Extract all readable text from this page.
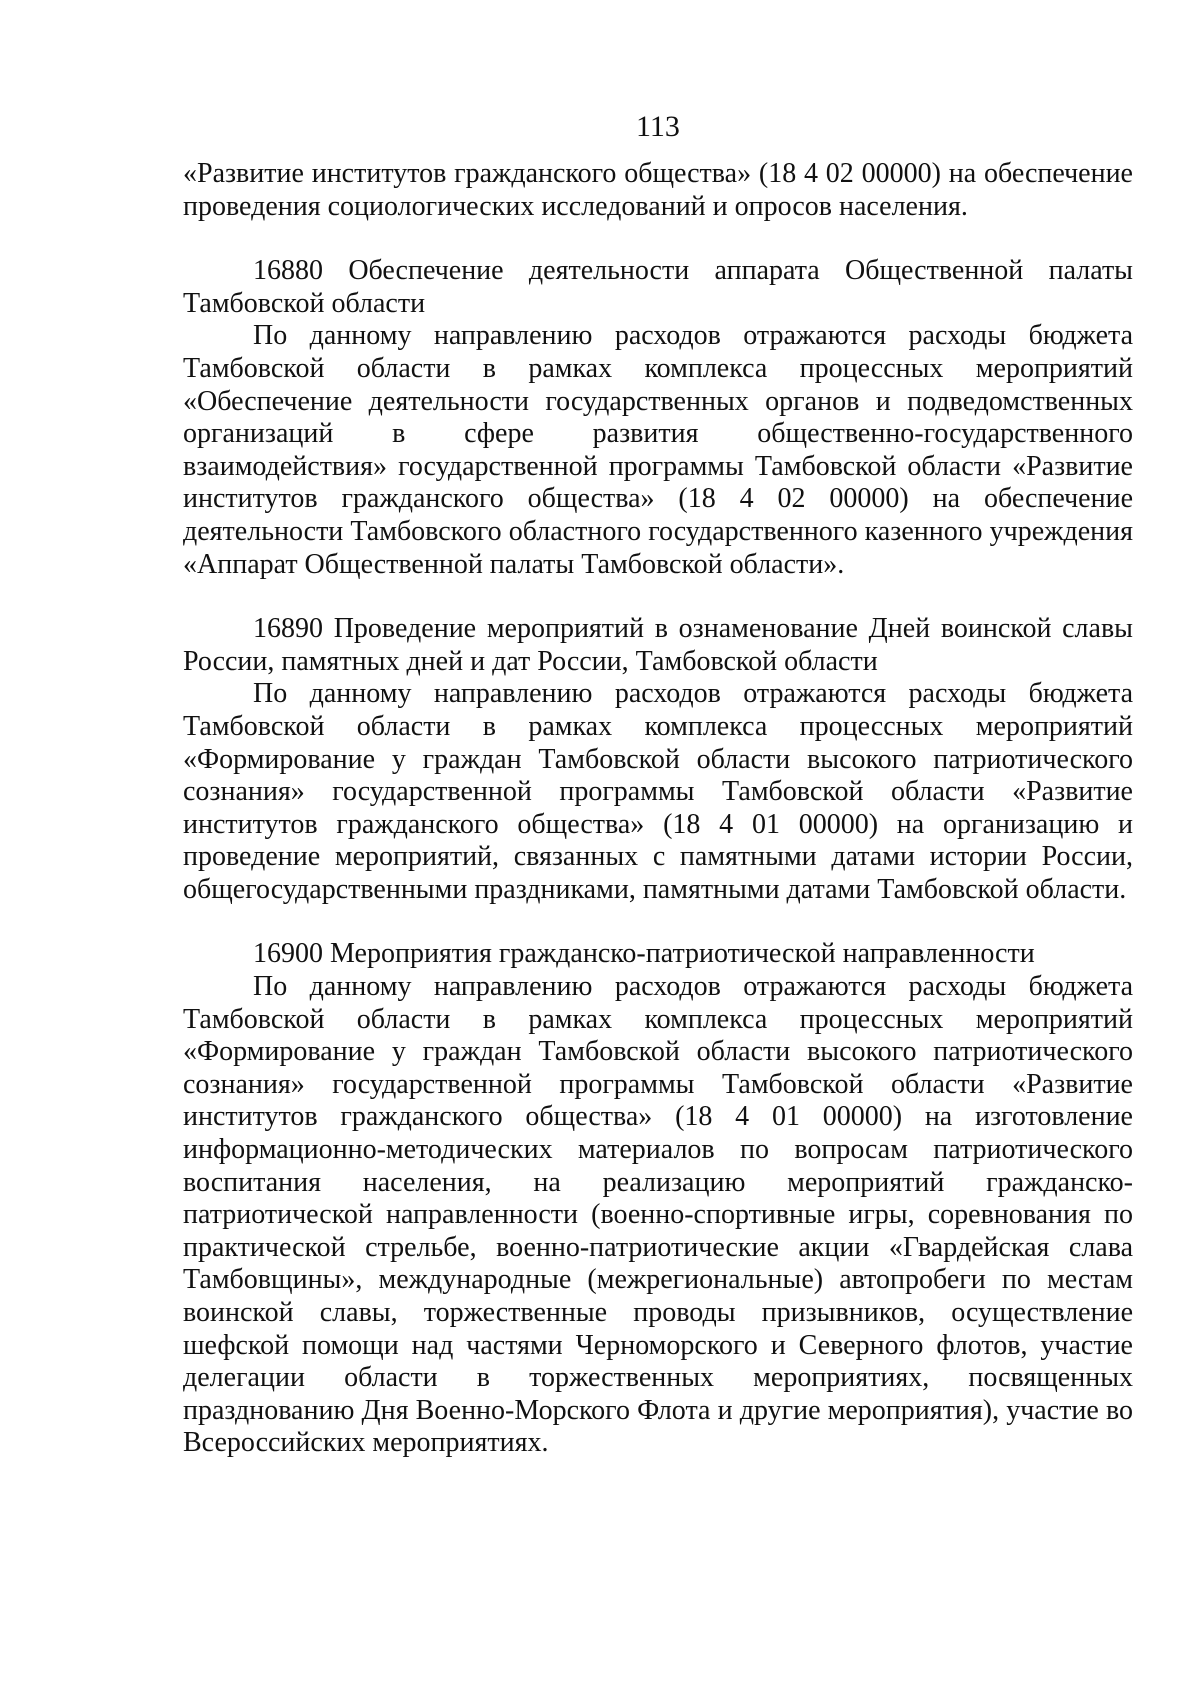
113

«Развитие институтов гражданского общества» (18 4 02 00000) на обеспечение проведения социологических исследований и опросов населения.

16880 Обеспечение деятельности аппарата Общественной палаты Тамбовской области

По данному направлению расходов отражаются расходы бюджета Тамбовской области в рамках комплекса процессных мероприятий «Обеспечение деятельности государственных органов и подведомственных организаций в сфере развития общественно-государственного взаимодействия» государственной программы Тамбовской области «Развитие институтов гражданского общества» (18 4 02 00000) на обеспечение деятельности Тамбовского областного государственного казенного учреждения «Аппарат Общественной палаты Тамбовской области».

16890 Проведение мероприятий в ознаменование Дней воинской славы России, памятных дней и дат России, Тамбовской области

По данному направлению расходов отражаются расходы бюджета Тамбовской области в рамках комплекса процессных мероприятий «Формирование у граждан Тамбовской области высокого патриотического сознания» государственной программы Тамбовской области «Развитие институтов гражданского общества» (18 4 01 00000) на организацию и проведение мероприятий, связанных с памятными датами истории России, общегосударственными праздниками, памятными датами Тамбовской области.

16900 Мероприятия гражданско-патриотической направленности

По данному направлению расходов отражаются расходы бюджета Тамбовской области в рамках комплекса процессных мероприятий «Формирование у граждан Тамбовской области высокого патриотического сознания» государственной программы Тамбовской области «Развитие институтов гражданского общества» (18 4 01 00000) на изготовление информационно-методических материалов по вопросам патриотического воспитания населения, на реализацию мероприятий гражданско-патриотической направленности (военно-спортивные игры, соревнования по практической стрельбе, военно-патриотические акции «Гвардейская слава Тамбовщины», международные (межрегиональные) автопробеги по местам воинской славы, торжественные проводы призывников, осуществление шефской помощи над частями Черноморского и Северного флотов, участие делегации области в торжественных мероприятиях, посвященных празднованию Дня Военно-Морского Флота и другие мероприятия), участие во Всероссийских мероприятиях.
